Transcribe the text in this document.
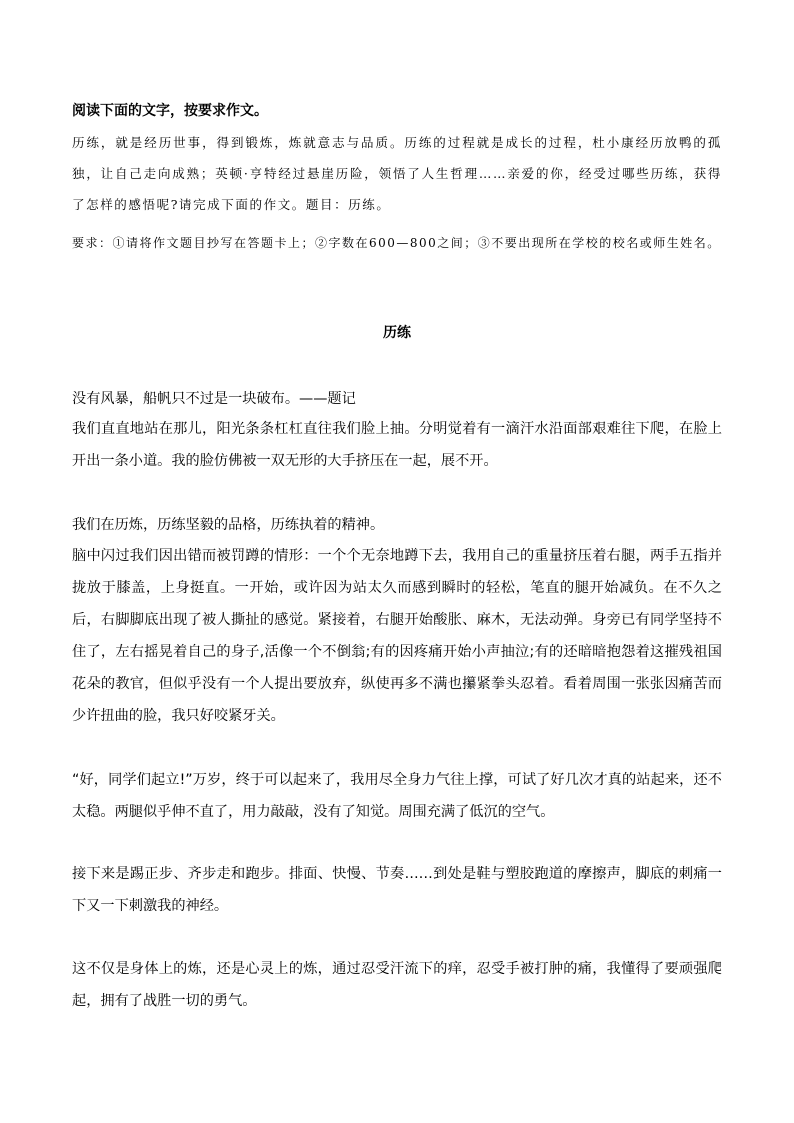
阅读下面的文字，按要求作文。
历练，就是经历世事，得到锻炼，炼就意志与品质。历练的过程就是成长的过程，杜小康经历放鸭的孤独，让自己走向成熟；英顿·亨特经过悬崖历险，领悟了人生哲理……亲爱的你，经受过哪些历练，获得了怎样的感悟呢?请完成下面的作文。题目：历练。
要求：①请将作文题目抄写在答题卡上；②字数在600—800之间；③不要出现所在学校的校名或师生姓名。
历练

没有风暴，船帆只不过是一块破布。——题记

我们直直地站在那儿，阳光条条杠杠直往我们脸上抽。分明觉着有一滴汗水沿面部艰难往下爬，在脸上开出一条小道。我的脸仿佛被一双无形的大手挤压在一起，展不开。

我们在历炼，历练坚毅的品格，历练执着的精神。

脑中闪过我们因出错而被罚蹲的情形：一个个无奈地蹲下去，我用自己的重量挤压着右腿，两手五指并拢放于膝盖，上身挺直。一开始，或许因为站太久而感到瞬时的轻松，笔直的腿开始减负。在不久之后，右脚脚底出现了被人撕扯的感觉。紧接着，右腿开始酸胀、麻木，无法动弹。身旁已有同学坚持不住了，左右摇晃着自己的身子,活像一个不倒翁;有的因疼痛开始小声抽泣;有的还暗暗抱怨着这摧残祖国花朵的教官，但似乎没有一个人提出要放弃，纵使再多不满也攥紧拳头忍着。看着周围一张张因痛苦而少许扭曲的脸，我只好咬紧牙关。

“好，同学们起立!”万岁，终于可以起来了，我用尽全身力气往上撑，可试了好几次才真的站起来，还不太稳。两腿似乎伸不直了，用力敲敲，没有了知觉。周围充满了低沉的空气。

接下来是踢正步、齐步走和跑步。排面、快慢、节奏……到处是鞋与塑胶跑道的摩擦声，脚底的刺痛一下又一下刺激我的神经。

这不仅是身体上的炼，还是心灵上的炼，通过忍受汗流下的痒，忍受手被打肿的痛，我懂得了要顽强爬起，拥有了战胜一切的勇气。
